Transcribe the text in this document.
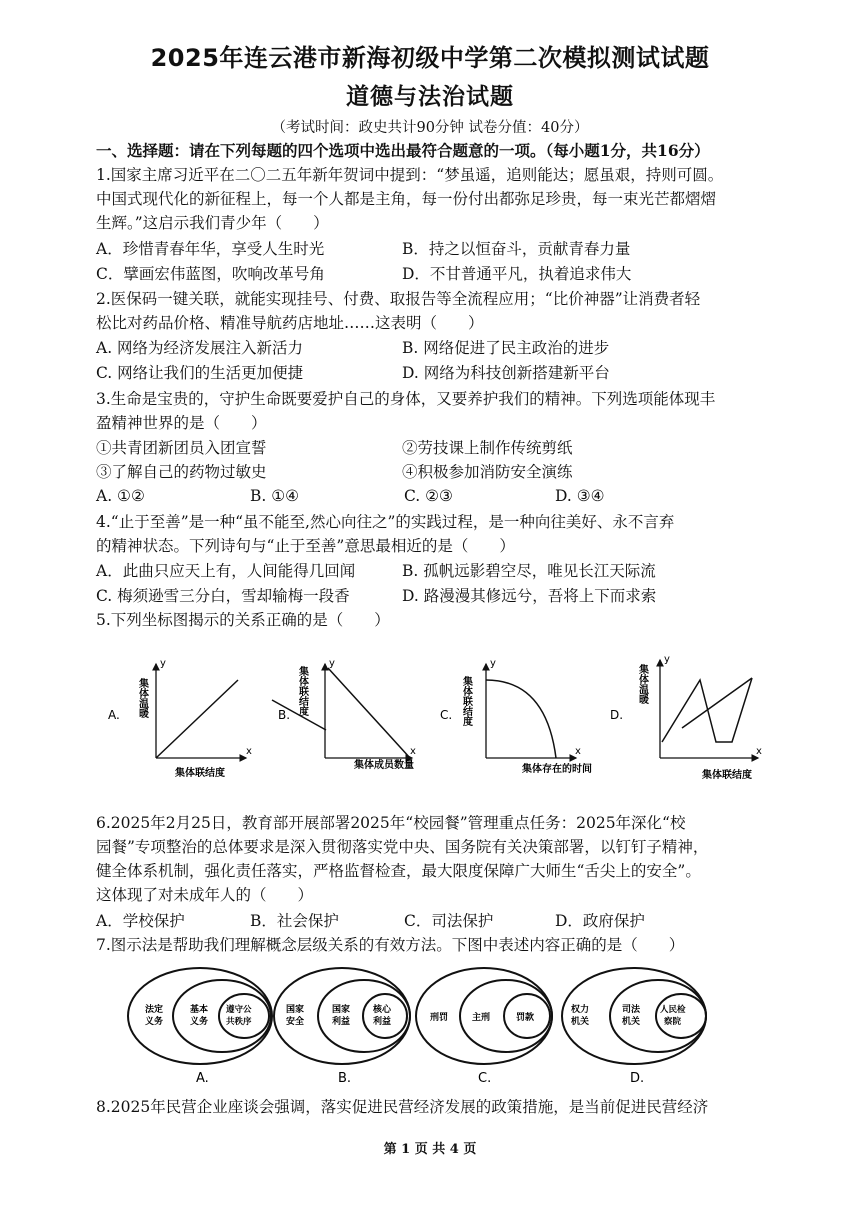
2025年连云港市新海初级中学第二次模拟测试试题
道德与法治试题
（考试时间：政史共计90分钟 试卷分值：40分）
一、选择题：请在下列每题的四个选项中选出最符合题意的一项。（每小题1分，共16分）
1.国家主席习近平在二〇二五年新年贺词中提到：“梦虽遥，追则能达；愿虽艰，持则可圆。
中国式现代化的新征程上，每一个人都是主角，每一份付出都弥足珍贵，每一束光芒都熠熠
生辉。”这启示我们青少年（　　）
A．珍惜青春年华，享受人生时光	B．持之以恒奋斗，贡献青春力量
C．擘画宏伟蓝图，吹响改革号角	D．不甘普通平凡，执着追求伟大
2.医保码一键关联，就能实现挂号、付费、取报告等全流程应用；“比价神器”让消费者轻
松比对药品价格、精准导航药店地址……这表明（　　）
A. 网络为经济发展注入新活力	B. 网络促进了民主政治的进步
C. 网络让我们的生活更加便捷	D. 网络为科技创新搭建新平台
3.生命是宝贵的，守护生命既要爱护自己的身体，又要养护我们的精神。下列选项能体现丰
盈精神世界的是（　　）
①共青团新团员入团宣誓	②劳技课上制作传统剪纸
③了解自己的药物过敏史	④积极参加消防安全演练
A. ①②	B. ①④	C. ②③	D. ③④
4.“止于至善”是一种“虽不能至,然心向往之”的实践过程，是一种向往美好、永不言弃
的精神状态。下列诗句与“止于至善”意思最相近的是（　　）
A．此曲只应天上有，人间能得几回闻	B. 孤帆远影碧空尽，唯见长江天际流
C. 梅须逊雪三分白，雪却输梅一段香	D. 路漫漫其修远兮，吾将上下而求索
5.下列坐标图揭示的关系正确的是（　　）
A.
y
x
集体温暖
集体联结度
B.
y
x
集体联结度
集体成员数量
C.
y
x
集体联结度
集体存在的时间
D.
y
x
集体温暖
集体联结度
6.2025年2月25日，教育部开展部署2025年“校园餐”管理重点任务：2025年深化“校
园餐”专项整治的总体要求是深入贯彻落实党中央、国务院有关决策部署，以钉钉子精神，
健全体系机制，强化责任落实，严格监督检查，最大限度保障广大师生“舌尖上的安全”。
这体现了对未成年人的（　　）
A．学校保护	B．社会保护	C．司法保护	D．政府保护
7.图示法是帮助我们理解概念层级关系的有效方法。下图中表述内容正确的是（　　）
法定
义务
基本
义务
遵守公
共秩序
A.
国家
安全
国家
利益
核心
利益
B.
刑罚	主刑	罚款
C.
权力
机关
司法
机关
人民检
察院
D.
8.2025年民营企业座谈会强调，落实促进民营经济发展的政策措施，是当前促进民营经济
第 1 页 共 4 页
